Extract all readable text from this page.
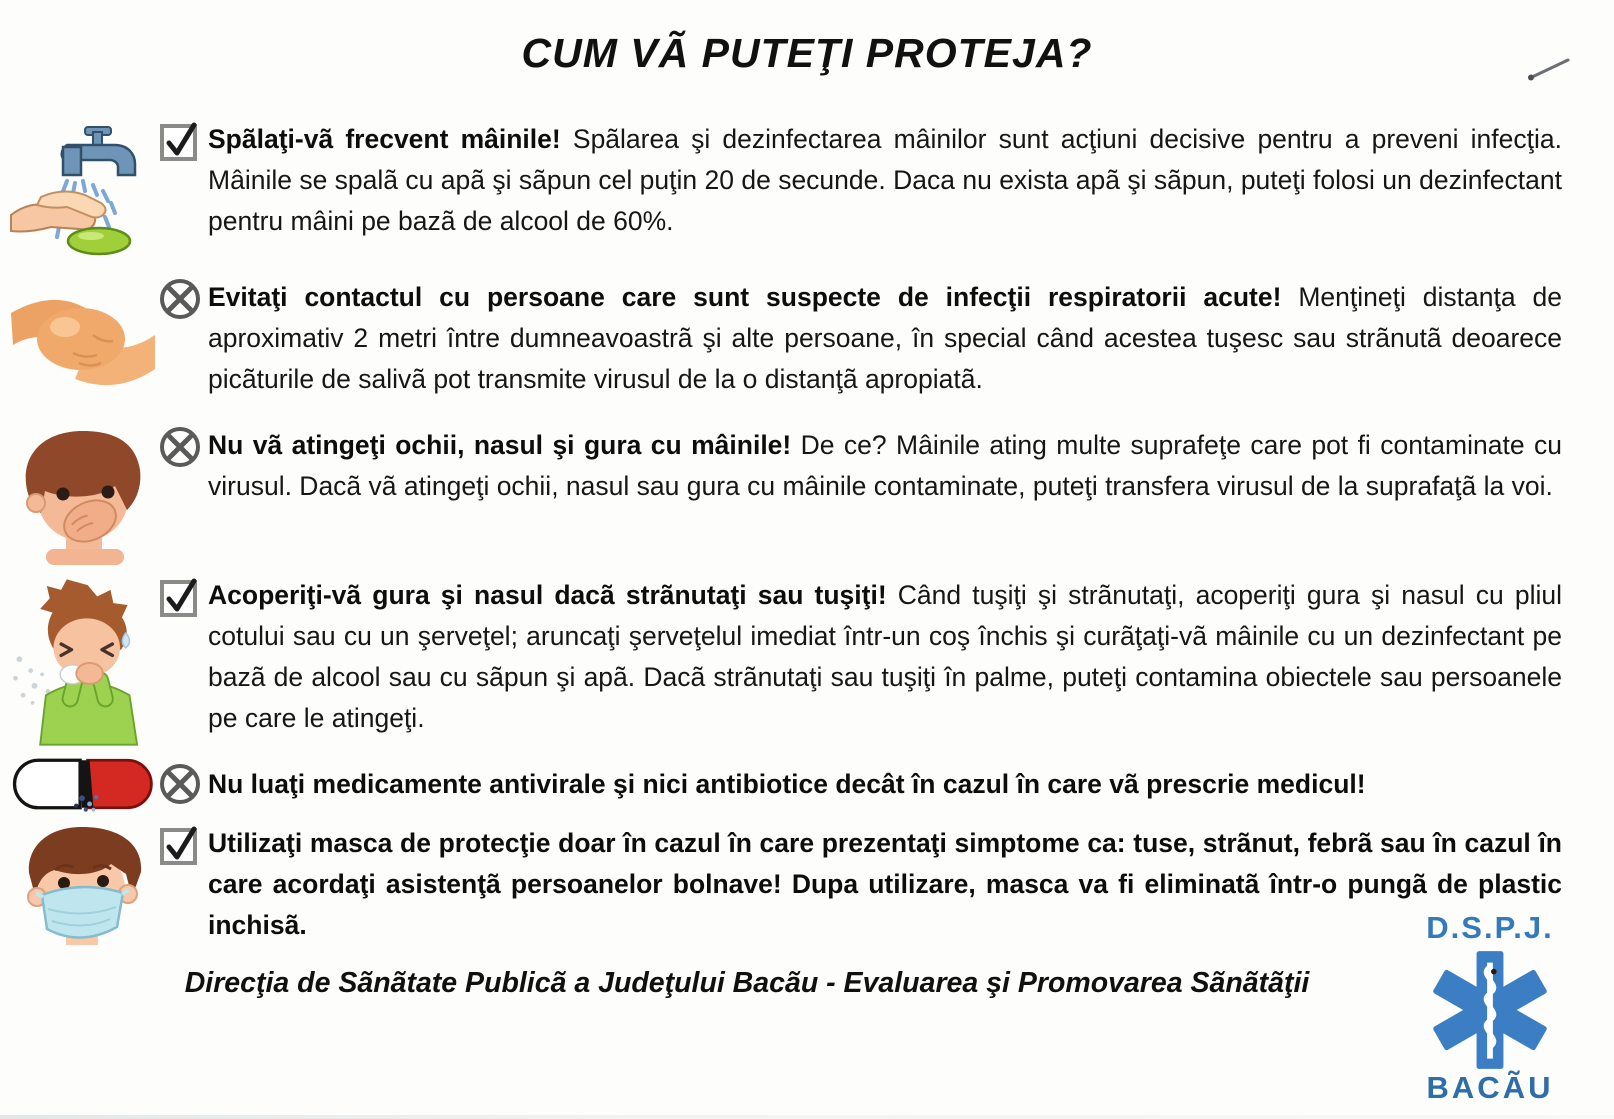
CUM VÃ PUTEŢI PROTEJA?

Spãlaţi-vã frecvent mâinile! Spãlarea şi dezinfectarea mâinilor sunt acţiuni decisive pentru a preveni infecţia. Mâinile se spalã cu apã şi sãpun cel puţin 20 de secunde. Daca nu exista apã şi sãpun, puteţi folosi un dezinfectant pentru mâini pe bazã de alcool de 60%.

Evitaţi contactul cu persoane care sunt suspecte de infecţii respiratorii acute! Menţineţi distanţa de aproximativ 2 metri între dumneavoastrã şi alte persoane, în special când acestea tuşesc sau strãnutã deoarece picãturile de salivã pot transmite virusul de la o distanţã apropiatã.

Nu vã atingeţi ochii, nasul şi gura cu mâinile! De ce? Mâinile ating multe suprafeţe care pot fi contaminate cu virusul. Dacã vã atingeţi ochii, nasul sau gura cu mâinile contaminate, puteţi transfera virusul de la suprafaţã la voi.

Acoperiţi-vã gura şi nasul dacã strãnutaţi sau tuşiţi! Când tuşiţi şi strãnutaţi, acoperiţi gura şi nasul cu pliul cotului sau cu un şerveţel; aruncaţi şerveţelul imediat într-un coş închis şi curãţaţi-vã mâinile cu un dezinfectant pe bazã de alcool sau cu sãpun şi apã. Dacã strãnutaţi sau tuşiţi în palme, puteţi contamina obiectele sau persoanele pe care le atingeţi.

Nu luaţi medicamente antivirale şi nici antibiotice decât în cazul în care vã prescrie medicul!

Utilizaţi masca de protecţie doar în cazul în care prezentaţi simptome ca: tuse, strãnut, febrã sau în cazul în care acordaţi asistenţã persoanelor bolnave! Dupa utilizare, masca va fi eliminatã într-o pungã de plastic inchisã.

Direcţia de Sãnãtate Publicã a Judeţului Bacãu - Evaluarea şi Promovarea Sãnãtãţii
D.S.P.J.
BACÃU
